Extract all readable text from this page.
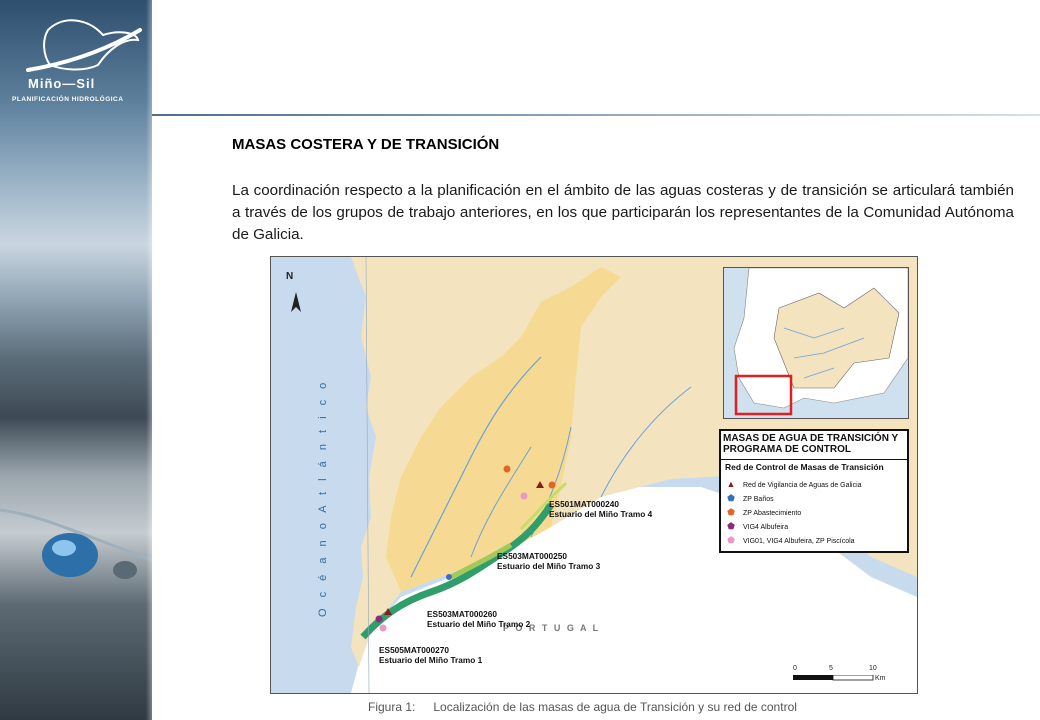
Miño—Sil
PLANIFICACIÓN HIDROLÓGICA
MASAS COSTERA Y DE TRANSICIÓN

La coordinación respecto a la planificación en el ámbito de las aguas costeras y de transición se articulará también a través de los grupos de trabajo anteriores, en los que participarán los representantes de la Comunidad Autónoma de Galicia.

N
O c é a n o A t l á n t i c o
P O R T U G A L
ES501MAT000240
Estuario del Miño Tramo 4
ES503MAT000250
Estuario del Miño Tramo 3
ES503MAT000260
Estuario del Miño Tramo 2
ES505MAT000270
Estuario del Miño Tramo 1
MASAS DE AGUA DE TRANSICIÓN Y PROGRAMA DE CONTROL
Red de Control de Masas de Transición
▲ Red de Vigilancia de Aguas de Galicia
⬟ ZP Baños
⬟ ZP Abastecimiento
⬟ VIG4 Albufeira
⬟ VIG01, VIG4 Albufeira, ZP Piscícola
0	5	10
Km
Figura 1: Localización de las masas de agua de Transición y su red de control
